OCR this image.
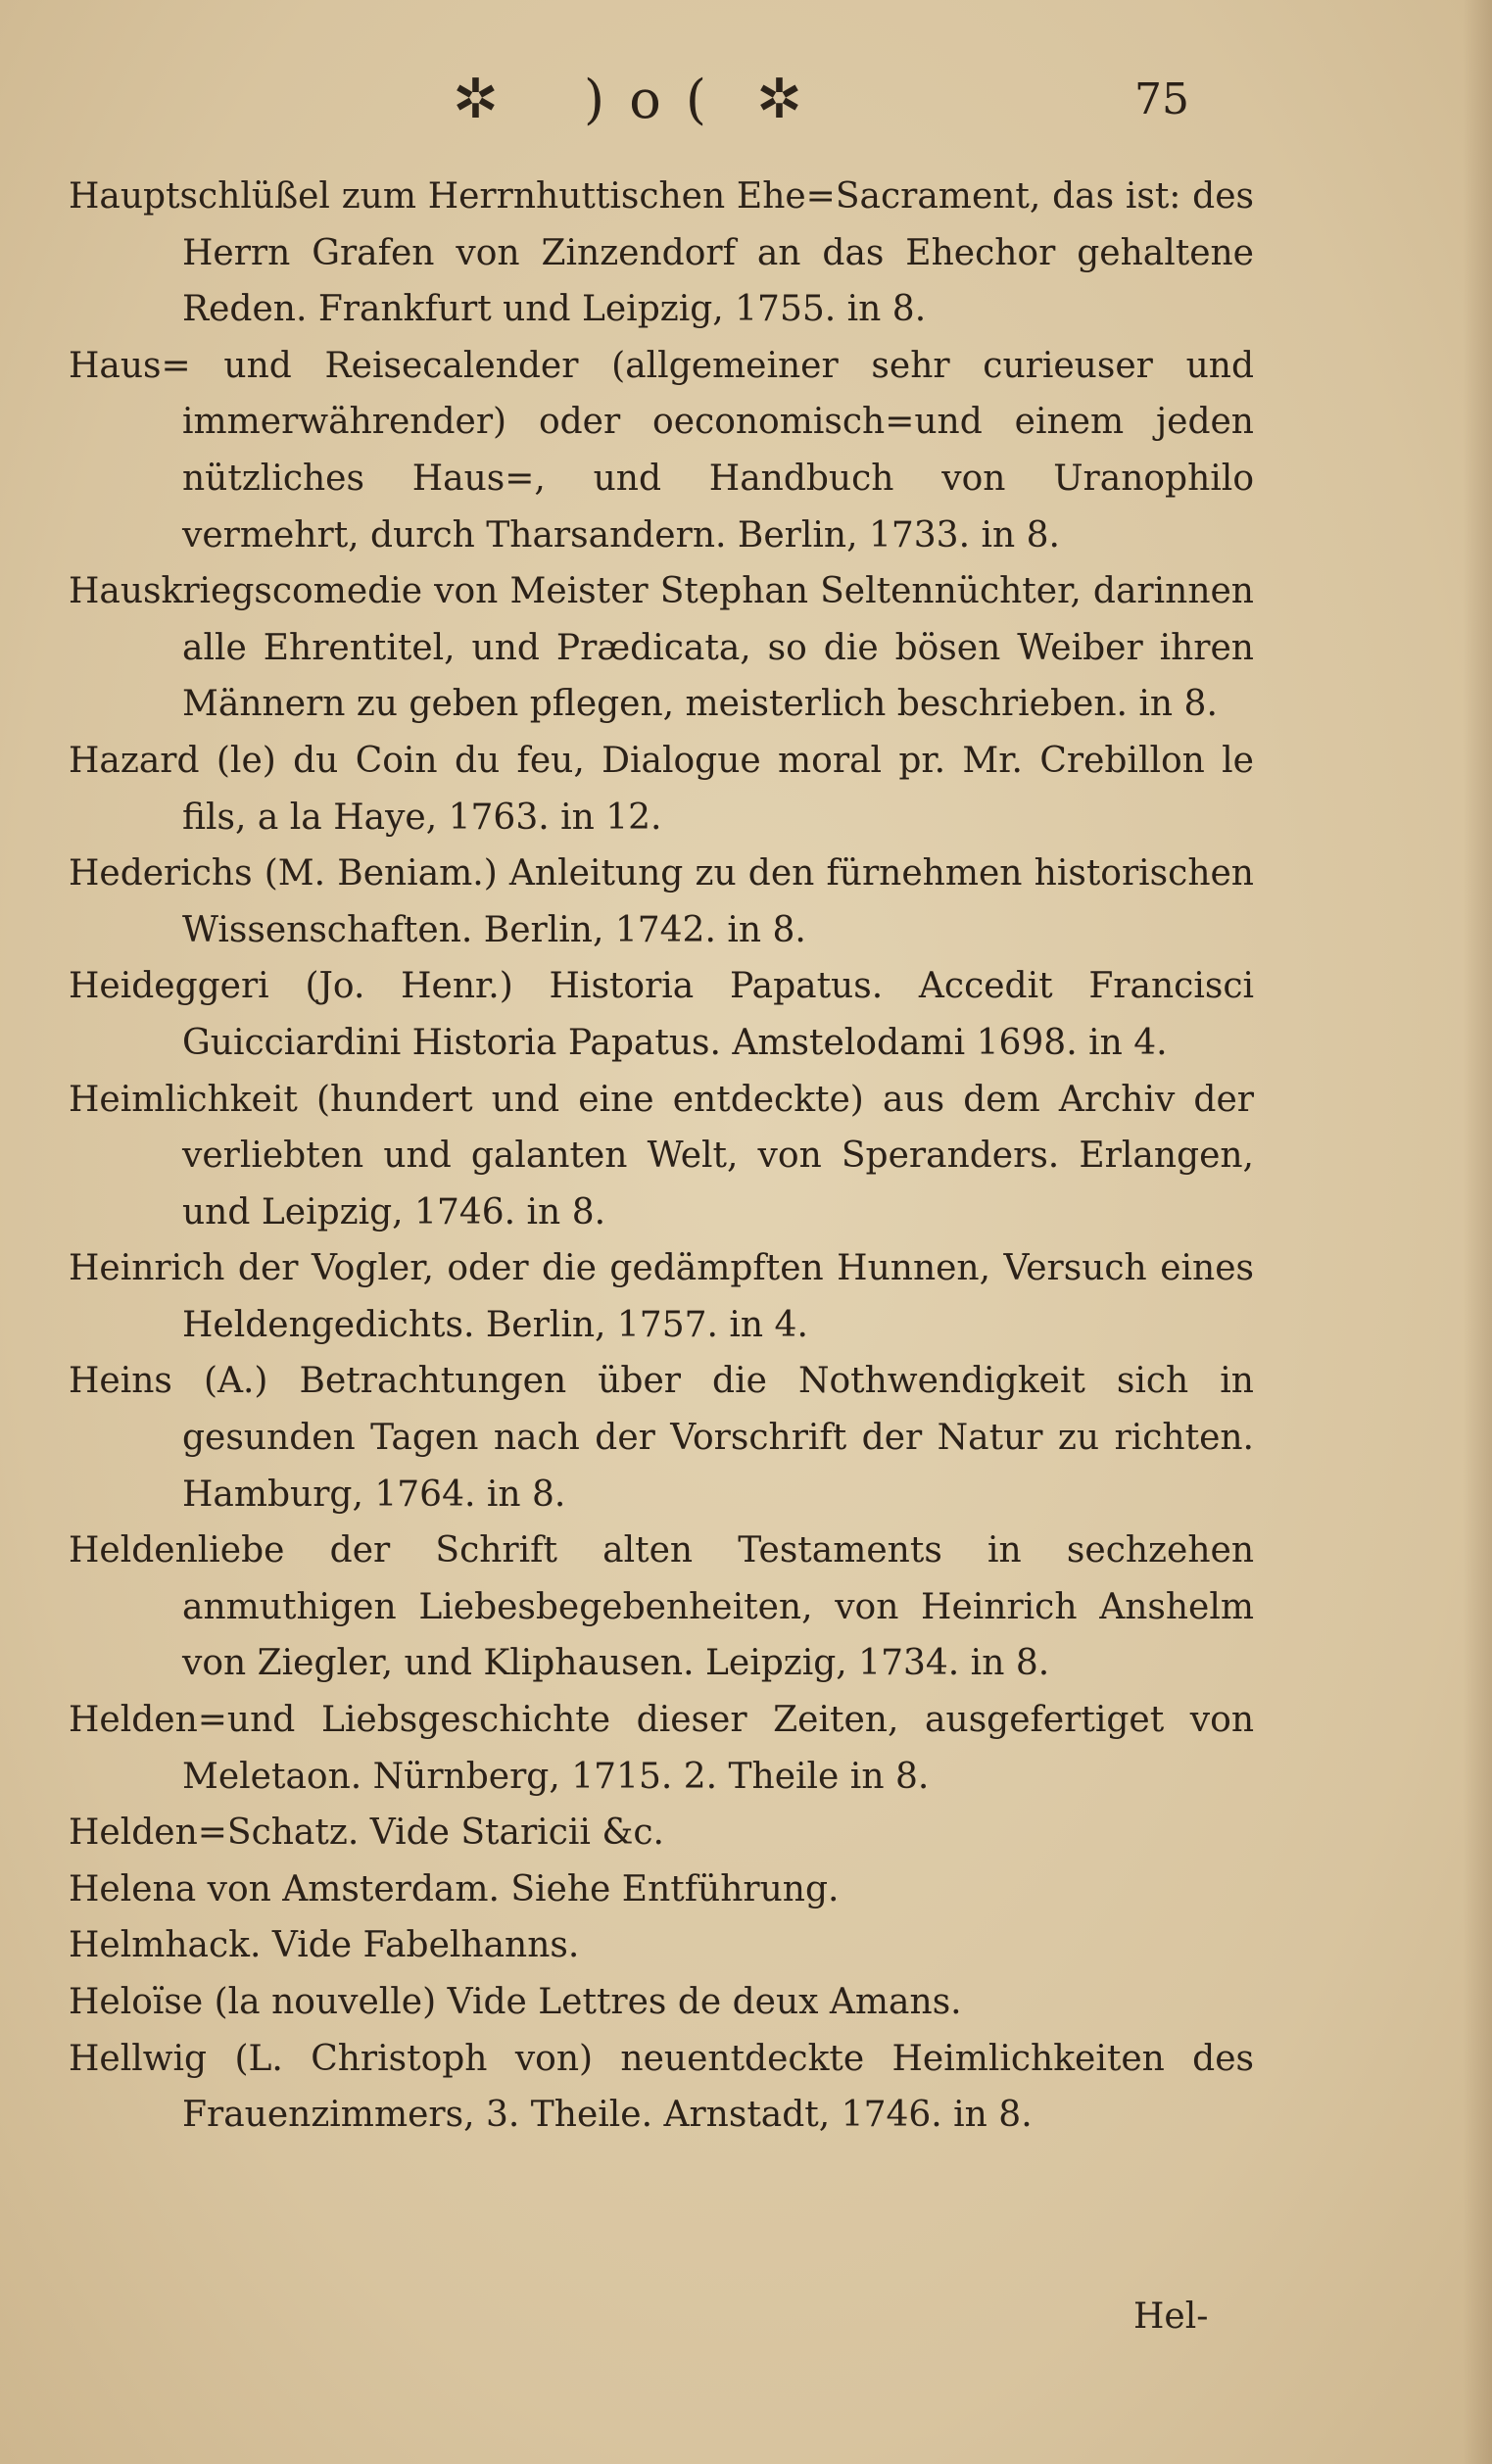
✲ ) o ( ✲	75

Hauptschlüßel zum Herrnhuttischen Ehe=Sacrament, das ist: des Herrn Grafen von Zinzendorf an das Ehechor gehaltene Reden. Frankfurt und Leipzig, 1755. in 8.

Haus= und Reisecalender (allgemeiner sehr curieuser und immerwährender) oder oeconomisch=und einem jeden nützliches Haus=, und Handbuch von Uranophilo vermehrt, durch Tharsandern. Berlin, 1733. in 8.

Hauskriegscomedie von Meister Stephan Seltennüchter, darinnen alle Ehrentitel, und Prædicata, so die bösen Weiber ihren Männern zu geben pflegen, meisterlich beschrieben. in 8.

Hazard (le) du Coin du feu, Dialogue moral pr. Mr. Crebillon le fils, a la Haye, 1763. in 12.

Hederichs (M. Beniam.) Anleitung zu den fürnehmen historischen Wissenschaften. Berlin, 1742. in 8.

Heideggeri (Jo. Henr.) Historia Papatus. Accedit Francisci Guicciardini Historia Papatus. Amstelodami 1698. in 4.

Heimlichkeit (hundert und eine entdeckte) aus dem Archiv der verliebten und galanten Welt, von Speranders. Erlangen, und Leipzig, 1746. in 8.

Heinrich der Vogler, oder die gedämpften Hunnen, Versuch eines Heldengedichts. Berlin, 1757. in 4.

Heins (A.) Betrachtungen über die Nothwendigkeit sich in gesunden Tagen nach der Vorschrift der Natur zu richten. Hamburg, 1764. in 8.

Heldenliebe der Schrift alten Testaments in sechzehen anmuthigen Liebesbegebenheiten, von Heinrich Anshelm von Ziegler, und Kliphausen. Leipzig, 1734. in 8.

Helden=und Liebsgeschichte dieser Zeiten, ausgefertiget von Meletaon. Nürnberg, 1715. 2. Theile in 8.

Helden=Schatz. Vide Staricii &c.

Helena von Amsterdam. Siehe Entführung.

Helmhack. Vide Fabelhanns.

Heloïse (la nouvelle) Vide Lettres de deux Amans.

Hellwig (L. Christoph von) neuentdeckte Heimlichkeiten des Frauenzimmers, 3. Theile. Arnstadt, 1746. in 8.

Hel-
